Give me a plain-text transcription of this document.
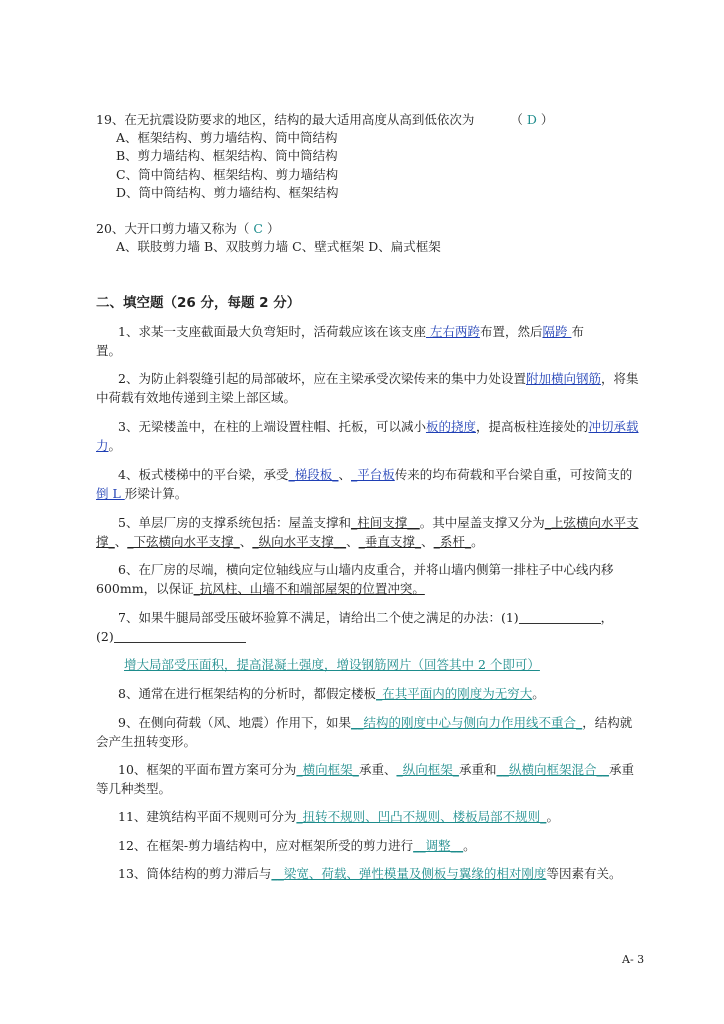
19、在无抗震设防要求的地区，结构的最大适用高度从高到低依次为	（ D ）
A、框架结构、剪力墙结构、筒中筒结构
B、剪力墙结构、框架结构、筒中筒结构
C、筒中筒结构、框架结构、剪力墙结构
D、筒中筒结构、剪力墙结构、框架结构
20、大开口剪力墙又称为（ C ）
A、联肢剪力墙 B、双肢剪力墙 C、壁式框架 D、扁式框架
二、填空题（26 分，每题 2 分）
1、求某一支座截面最大负弯矩时，活荷载应该在该支座 左右两跨布置，然后隔跨 布
置。
2、为防止斜裂缝引起的局部破坏，应在主梁承受次梁传来的集中力处设置附加横向钢筋，将集
中荷载有效地传递到主梁上部区域。
3、无梁楼盖中，在柱的上端设置柱帽、托板，可以减小板的挠度，提高板柱连接处的冲切承载
力。
4、板式楼梯中的平台梁，承受_梯段板_、_平台板传来的均布荷载和平台梁自重，可按简支的
倒 L 形梁计算。
5、单层厂房的支撑系统包括：屋盖支撑和_柱间支撑__。其中屋盖支撑又分为_上弦横向水平支
撑_、_下弦横向水平支撑_、_纵向水平支撑__、_垂直支撑_、_系杆_。
6、在厂房的尽端，横向定位轴线应与山墙内皮重合，并将山墙内侧第一排柱子中心线内移
600mm，以保证_抗风柱、山墙不和端部屋架的位置冲突。
7、如果牛腿局部受压破坏验算不满足，请给出二个使之满足的办法：(1)	，
(2)
增大局部受压面积，提高混凝土强度，增设钢筋网片（回答其中 2 个即可）
8、通常在进行框架结构的分析时，都假定楼板_在其平面内的刚度为无穷大。
9、在侧向荷载（风、地震）作用下，如果__结构的刚度中心与侧向力作用线不重合_，结构就
会产生扭转变形。
10、框架的平面布置方案可分为_横向框架_承重、_纵向框架_承重和__纵横向框架混合__承重
等几种类型。
11、建筑结构平面不规则可分为_扭转不规则、凹凸不规则、楼板局部不规则_。
12、在框架-剪力墙结构中，应对框架所受的剪力进行__调整__。
13、筒体结构的剪力滞后与__梁宽、荷载、弹性模量及侧板与翼缘的相对刚度等因素有关。
A- 3
